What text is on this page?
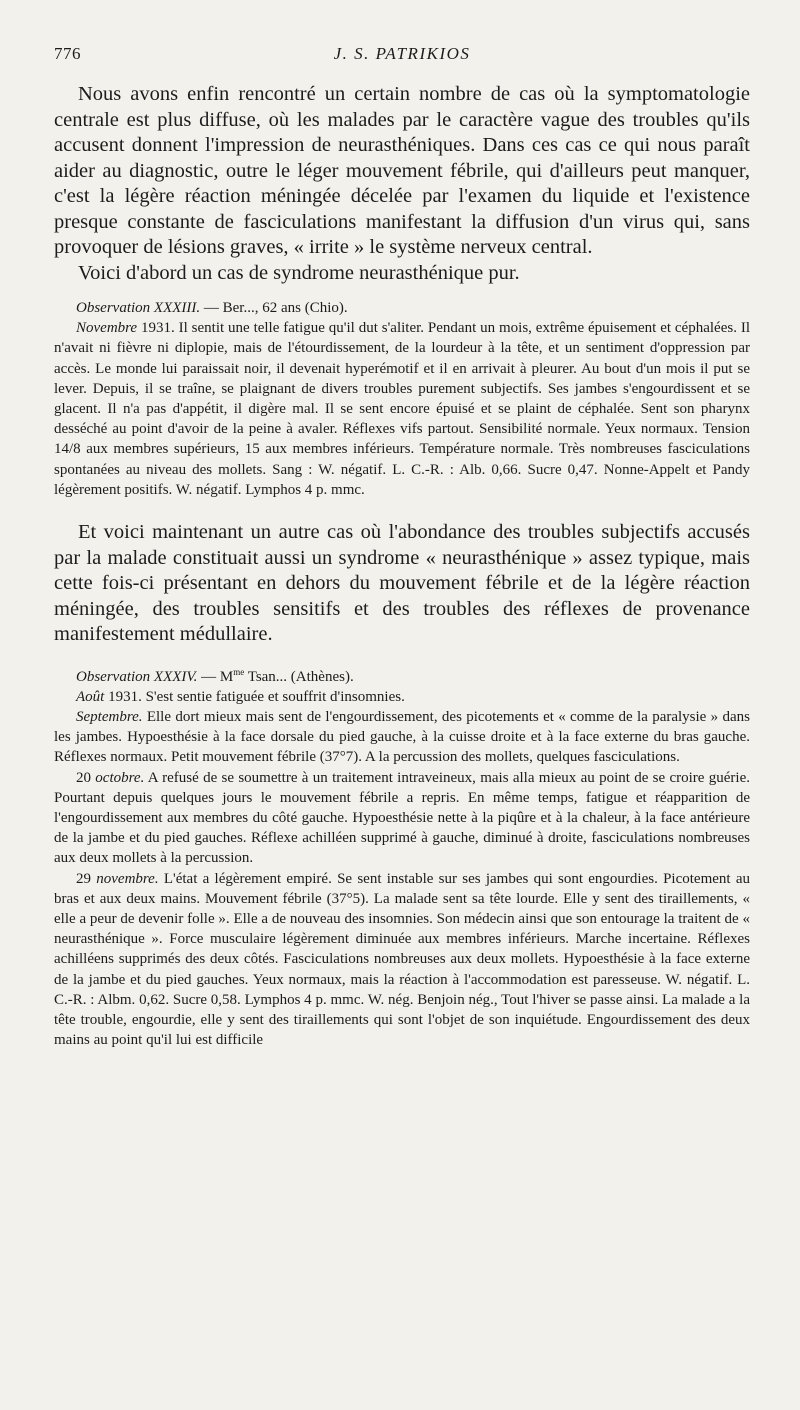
776	J. S. PATRIKIOS

Nous avons enfin rencontré un certain nombre de cas où la symptomatologie centrale est plus diffuse, où les malades par le caractère vague des troubles qu'ils accusent donnent l'impression de neurasthéniques. Dans ces cas ce qui nous paraît aider au diagnostic, outre le léger mouvement fébrile, qui d'ailleurs peut manquer, c'est la légère réaction méningée décelée par l'examen du liquide et l'existence presque constante de fasciculations manifestant la diffusion d'un virus qui, sans provoquer de lésions graves, « irrite » le système nerveux central.

Voici d'abord un cas de syndrome neurasthénique pur.

Observation XXXIII. — Ber..., 62 ans (Chio).

Novembre 1931. Il sentit une telle fatigue qu'il dut s'aliter. Pendant un mois, extrême épuisement et céphalées. Il n'avait ni fièvre ni diplopie, mais de l'étourdissement, de la lourdeur à la tête, et un sentiment d'oppression par accès. Le monde lui paraissait noir, il devenait hyperémotif et il en arrivait à pleurer. Au bout d'un mois il put se lever. Depuis, il se traîne, se plaignant de divers troubles purement subjectifs. Ses jambes s'engourdissent et se glacent. Il n'a pas d'appétit, il digère mal. Il se sent encore épuisé et se plaint de céphalée. Sent son pharynx desséché au point d'avoir de la peine à avaler. Réflexes vifs partout. Sensibilité normale. Yeux normaux. Tension 14/8 aux membres supérieurs, 15 aux membres inférieurs. Température normale. Très nombreuses fasciculations spontanées au niveau des mollets. Sang : W. négatif. L. C.-R. : Alb. 0,66. Sucre 0,47. Nonne-Appelt et Pandy légèrement positifs. W. négatif. Lymphos 4 p. mmc.

Et voici maintenant un autre cas où l'abondance des troubles subjectifs accusés par la malade constituait aussi un syndrome « neurasthénique » assez typique, mais cette fois-ci présentant en dehors du mouvement fébrile et de la légère réaction méningée, des troubles sensitifs et des troubles des réflexes de provenance manifestement médullaire.

Observation XXXIV. — $M^{me}$ Tsan... (Athènes).

Août 1931. S'est sentie fatiguée et souffrit d'insomnies.

Septembre. Elle dort mieux mais sent de l'engourdissement, des picotements et « comme de la paralysie » dans les jambes. Hypoesthésie à la face dorsale du pied gauche, à la cuisse droite et à la face externe du bras gauche. Réflexes normaux. Petit mouvement fébrile (37°7). A la percussion des mollets, quelques fasciculations.

20 octobre. A refusé de se soumettre à un traitement intraveineux, mais alla mieux au point de se croire guérie. Pourtant depuis quelques jours le mouvement fébrile a repris. En même temps, fatigue et réapparition de l'engourdissement aux membres du côté gauche. Hypoesthésie nette à la piqûre et à la chaleur, à la face antérieure de la jambe et du pied gauches. Réflexe achilléen supprimé à gauche, diminué à droite, fasciculations nombreuses aux deux mollets à la percussion.

29 novembre. L'état a légèrement empiré. Se sent instable sur ses jambes qui sont engourdies. Picotement au bras et aux deux mains. Mouvement fébrile (37°5). La malade sent sa tête lourde. Elle y sent des tiraillements, « elle a peur de devenir folle ». Elle a de nouveau des insomnies. Son médecin ainsi que son entourage la traitent de « neurasthénique ». Force musculaire légèrement diminuée aux membres inférieurs. Marche incertaine. Réflexes achilléens supprimés des deux côtés. Fasciculations nombreuses aux deux mollets. Hypoesthésie à la face externe de la jambe et du pied gauches. Yeux normaux, mais la réaction à l'accommodation est paresseuse. W. négatif. L. C.-R. : Albm. 0,62. Sucre 0,58. Lymphos 4 p. mmc. W. nég. Benjoin nég., Tout l'hiver se passe ainsi. La malade a la tête trouble, engourdie, elle y sent des tiraillements qui sont l'objet de son inquiétude. Engourdissement des deux mains au point qu'il lui est difficile
